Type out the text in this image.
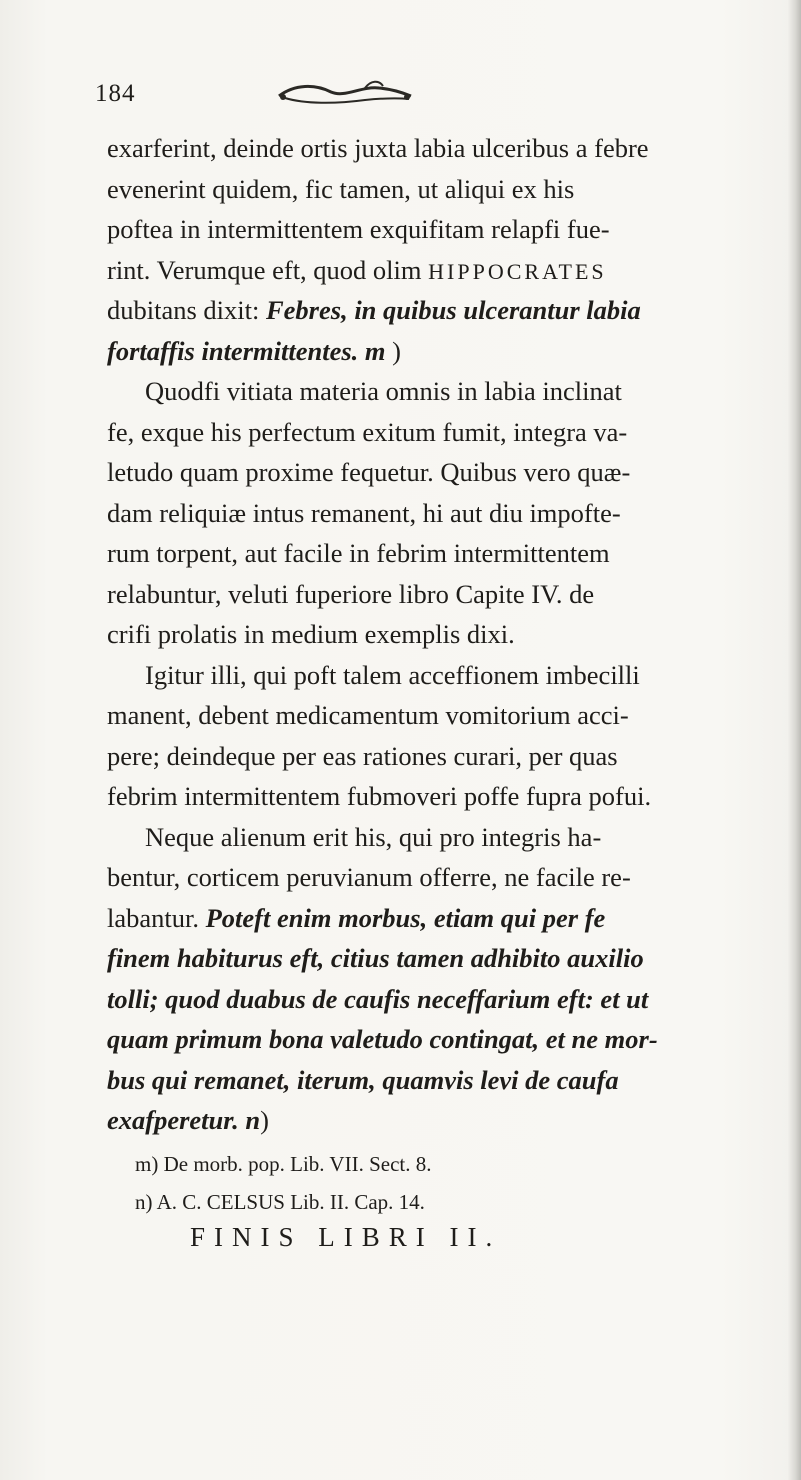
184
exarferint, deinde ortis juxta labia ulceribus a febre
evenerint quidem, fic tamen, ut aliqui ex his
poftea in intermittentem exquifitam relapfi fue-
rint. Verumque eft, quod olim HIPPOCRATES
dubitans dixit: Febres, in quibus ulcerantur labia
fortaffis intermittentes. m )
Quodfi vitiata materia omnis in labia inclinat
fe, exque his perfectum exitum fumit, integra va-
letudo quam proxime fequetur. Quibus vero quæ-
dam reliquiæ intus remanent, hi aut diu impofte-
rum torpent, aut facile in febrim intermittentem
relabuntur, veluti fuperiore libro Capite IV. de
crifi prolatis in medium exemplis dixi.
Igitur illi, qui poft talem acceffionem imbecilli
manent, debent medicamentum vomitorium acci-
pere; deindeque per eas rationes curari, per quas
febrim intermittentem fubmoveri poffe fupra pofui.
Neque alienum erit his, qui pro integris ha-
bentur, corticem peruvianum offerre, ne facile re-
labantur. Poteft enim morbus, etiam qui per fe
finem habiturus eft, citius tamen adhibito auxilio
tolli; quod duabus de caufis neceffarium eft: et ut
quam primum bona valetudo contingat, et ne mor-
bus qui remanet, iterum, quamvis levi de caufa
exafperetur. n)
m) De morb. pop. Lib. VII. Sect. 8.
n) A. C. CELSUS Lib. II. Cap. 14.
FINIS LIBRI II.
